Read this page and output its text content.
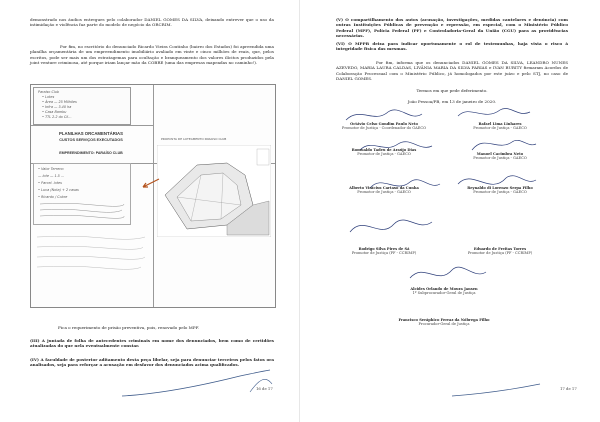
demonstrado nos áudios entregues pelo colaborador DANIEL GOMES DA SILVA, deixando entrever que o uso da intimidação e violência faz parte do modelo de negócio da ORCRIM.

Por fim, no escritório do denunciado Ricardo Vieira Coutinho (bairro dos Estados) foi apreendida uma planilha orçamentária de um empreendimento imobiliário avaliado em vinte e cinco milhões de reais, que, pelos escritos, pode ser mais um dos estratagemas para ocultação e branqueamento dos valores ilícitos produzidos pela joint venture criminosa, até porque iriam lançar mão da COBRE (uma das empresas mapeadas no caminho!).

Paraíso Club
• Lotes
• Área — 25 Milhões
• Infra — 3.40 ha
• Casa Bambu
• TTL 2.2 do Cli…
PLANILHAS ORCAMENTÁRIAS
CUSTOS SERVIÇOS EXECUTADOS
EMPREENDIMENTO: PARAÍSO CLUB
• Valor Terreno
— lote — 1.5 …
• Parcel. lotes
• Luva (Nota) + 2 casas
• Ricardo / Cobre
PROPOSTA DE LOTEAMENTO PARAISO CLUB

Fica o requerimento de prisão preventiva, pois, renovado pelo MPF.

(III) A juntada de folha de antecedentes criminais em nome dos denunciados, bem como de certidões atualizadas do que nela eventualmente constar.

(IV) A faculdade de posterior aditamento desta peça libelar, seja para denunciar terceiros pelos fatos ora analisados, seja para reforçar a acusação em desfavor dos denunciados acima qualificados.

16 de 17

(V) O compartilhamento dos autos (acusação, investigações, medidas cautelares e denúncia) com outras Instituições Públicas de prevenção e repressão, em especial, com o Ministério Público Federal (MPF), Polícia Federal (PF) e Controladoria-Geral da União (CGU) para as providências necessárias.

(VI) O MPPB deixa para indicar oportunamente o rol de testemunhas, haja vista o risco à integridade física das mesmas.

Por fim, informa que os denunciados DANIEL GOMES DA SILVA, LEANDRO NUNES AZEVEDO, MARIA LAURA CALDAS, LIVÂNIA MARIA DA SILVA FARIAS e IVAN BURITY firmaram Acordos de Colaboração Processual com o Ministério Público, já homologados por este juízo e pelo STJ, no caso de DANIEL GOMES.

Termos em que pede deferimento.

João Pessoa/PB, em 13 de janeiro de 2020.

Octávio Celso Gondim Paulo Neto
Promotor de Justiça - Coordenador do GAECO
Rafael Lima Linhares
Promotor de Justiça - GAECO
Romualdo Tadeu de Araújo Dias
Promotor de Justiça - GAECO	Manoel Cacimbra Neto
Promotor de Justiça - GAECO
Alberto Vinícius Cartaxo da Cunha
Promotor de Justiça - GAECO
Reynaldo di Lorenzo Serpa Filho
Promotor de Justiça - GAECO
Rodrigo Silva Pires de Sá
Promotor de Justiça (PF - CCRIMP)
Eduardo de Freitas Torres
Promotor de Justiça (PF - CCRIMP)
Alcides Orlando de Moura Jansen
1º Subprocurador-Geral de Justiça
Francisco Seráphico Ferraz da Nóbrega Filho
Procurador-Geral de Justiça
17 de 17
